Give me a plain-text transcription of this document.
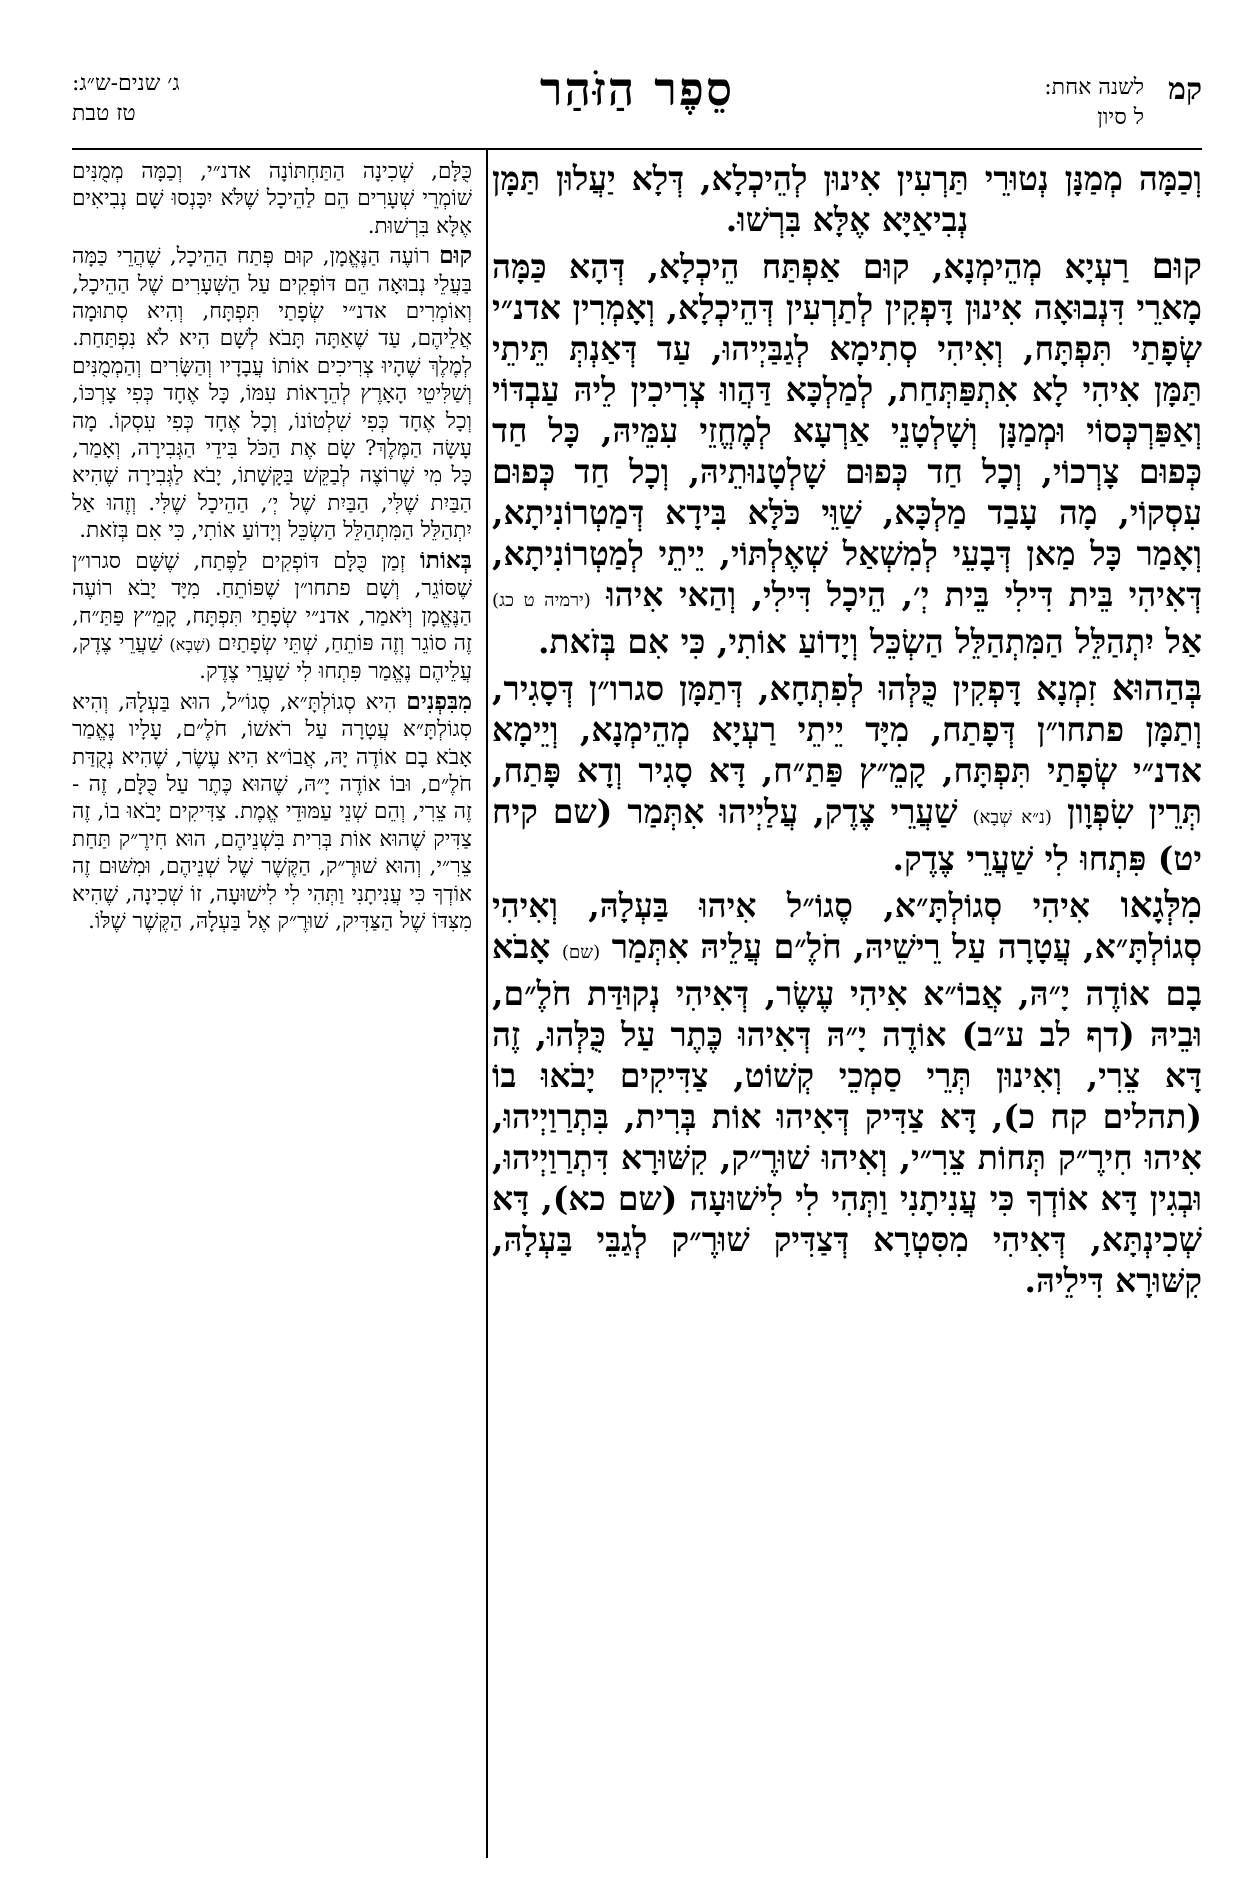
קמ
לשנה אחת:
ל סיון
סֵפֶר הַזֹּהַר
ג׳ שנים-ש״ג:
טז טבת

וְכַמָּה מְמַנָּן נְטוּרֵי תַּרְעִין אִינוּן לְהֵיכְלָא, דְּלָא יַעֲלוּן תַּמָּן נְבִיאַיָּא אֶלָּא בִּרְשׁוּ.

קוּם רַעְיָא מְהֵימְנָא, קוּם אַפְתַּח הֵיכְלָא, דְּהָא כַּמָּה מָארֵי דִּנְבוּאָה אִינוּן דָּפְקִין לְתַרְעִין דְּהֵיכְלָא, וְאָמְרִין אדנ״י שְׂפָתַי תִּפְתָּח, וְאִיהִי סְתִימָא לְגַבַּיְיהוּ, עַד דְּאַנְתְּ תֵּיתֵי תַּמָּן אִיהִי לָא אִתְפַּתְּחַת, לְמַלְכָּא דַּהֲווּ צְרִיכִין לֵיהּ עַבְדּוֹי וְאַפַּרְכְּסוֹי וּמְמַנָּן וְשָׁלְטָנֵי אַרְעָא לְמֶחֱזֵי עִמֵּיהּ, כָּל חַד כְּפוּם צָרְכוֹי, וְכָל חַד כְּפוּם שָׁלְטָנוּתֵיהּ, וְכָל חַד כְּפוּם עִסְקוֹי, מָה עָבַד מַלְכָּא, שַׁוֵּי כֹּלָּא בִּידָא דְּמַטְרוֹנִיתָא, וְאָמַר כָּל מַאן דְּבָעֵי לְמִשְׁאַל שְׁאֶלְתּוֹי, יֵיתֵי לְמַטְרוֹנִיתָא, דְּאִיהִי בֵּית דִּילִי בֵּית יְ׳, הֵיכָל דִּילִי, וְהַאי אִיהוּ (ירמיה ט כג) אַל יִתְהַלֵּל הַמִּתְהַלֵּל הַשְׂכֵּל וְיָדוֹעַ אוֹתִי, כִּי אִם בְּזֹאת.

בְּהַהוּא זִמְנָא דָּפְקִין כֻּלְּהוּ לְפִתְחָא, דְּתַמָּן סגרו״ן דְּסָגִיר, וְתַמָּן פתחו״ן דְּפָתַח, מִיָּד יֵיתֵי רַעְיָא מְהֵימְנָא, וְיֵימָא אדנ״י שְׂפָתַי תִּפְתָּח, קָמֵ״ץ פַּתַ״ח, דָּא סָגִיר וְדָא פָּתַח, תְּרֵין שִׂפְוָון (נ״א שְׁבָא) שַׁעֲרֵי צֶדֶק, עֲלַיְיהוּ אִתְּמַר (שם קיח יט) פִּתְחוּ לִי שַׁעֲרֵי צֶדֶק.

מִלְּגָאו אִיהִי סְגוֹלְתָּ״א, סֶגוֹ״ל אִיהוּ בַּעְלָהּ, וְאִיהִי סְגוֹלְתָּ״א, עֲטָרָה עַל רֵישֵׁיהּ, חֹלֶ״ם עֲלֵיהּ אִתְּמַר (שם) אָבֹא בָם אוֹדֶה יָ״הּ, אֲבוֹ״א אִיהִי עֶשֶׂר, דְּאִיהִי נְקוּדַּת חֹלֶ״ם, וּבֵיהּ (דף לב ע״ב) אוֹדֶה יָ״הּ דְּאִיהוּ כֶּתֶר עַל כֻּלְּהוּ, זֶה דָּא צֵרִי, וְאִינוּן תְּרֵי סַמְכֵי קְשׁוֹט, צַדִּיקִים יָבֹאוּ בוֹ (תהלים קח כ), דָּא צַדִּיק דְּאִיהוּ אוֹת בְּרִית, בִּתְרַוַיְיהוּ, אִיהוּ חִירֶ״ק תְּחוֹת צֵרִ״י, וְאִיהוּ שׁוּרֶ״ק, קִשּׁוּרָא דִּתְרַוַיְיהוּ, וּבְגִין דָּא אוֹדְךָ כִּי עֲנִיתָנִי וַתְּהִי לִי לִישׁוּעָה (שם כא), דָּא שְׁכִינְתָּא, דְּאִיהִי מִסִּטְרָא דְּצַדִּיק שׁוּרֶ״ק לְגַבֵּי בַּעְלָהּ, קִשּׁוּרָא דִּילֵיהּ.

כֻּלָּם, שְׁכִינָה הַתַּחְתּוֹנָה אדנ״י, וְכַמָּה מְמֻנִּים שׁוֹמְרֵי שְׁעָרִים הֵם לַהֵיכָל שֶׁלֹּא יִכָּנְסוּ שָׁם נְבִיאִים אֶלָּא בִּרְשׁוּת.

קוּם רוֹעֶה הַנֶּאֱמָן, קוּם פְּתַח הַהֵיכָל, שֶׁהֲרֵי כַּמָּה בַּעֲלֵי נְבוּאָה הֵם דּוֹפְקִים עַל הַשְּׁעָרִים שֶׁל הַהֵיכָל, וְאוֹמְרִים אדנ״י שְׂפָתַי תִּפְתָּח, וְהִיא סְתוּמָה אֲלֵיהֶם, עַד שֶׁאַתָּה תָּבֹא לְשָׁם הִיא לֹא נִפְתַּחַת. לְמֶלֶךְ שֶׁהָיוּ צְרִיכִים אוֹתוֹ עֲבָדָיו וְהַשָּׂרִים וְהַמְמֻנִּים וְשַׁלִּיטֵי הָאָרֶץ לְהֵרָאוֹת עִמּוֹ, כָּל אֶחָד כְּפִי צָרְכּוֹ, וְכָל אֶחָד כְּפִי שִׁלְטוֹנוֹ, וְכָל אֶחָד כְּפִי עִסְקוֹ. מָה עָשָׂה הַמֶּלֶךְ? שָׂם אֶת הַכֹּל בִּידֵי הַגְּבִירָה, וְאָמַר, כָּל מִי שֶׁרוֹצֶה לְבַקֵּשׁ בַּקָּשָׁתוֹ, יָבֹא לַגְּבִירָה שֶׁהִיא הַבַּיִת שֶׁלִּי, הַבַּיִת שֶׁל יְ׳, הַהֵיכָל שֶׁלִּי. וְזֶהוּ אַל יִתְהַלֵּל הַמִּתְהַלֵּל הַשְׂכֵּל וְיָדוֹעַ אוֹתִי, כִּי אִם בְּזֹאת.

בְּאוֹתוֹ זְמַן כֻּלָּם דּוֹפְקִים לַפֶּתַח, שֶׁשָּׁם סגרו״ן שֶׁסּוֹגֵר, וְשָׁם פתחו״ן שֶׁפּוֹתֵחַ. מִיָּד יָבֹא רוֹעֶה הַנֶּאֱמָן וְיֹאמַר, אדנ״י שְׂפָתַי תִּפְתָּח, קָמֵ״ץ פַּתַּ״ח, זֶה סוֹגֵר וְזֶה פּוֹתֵחַ, שְׁתֵּי שְׂפָתַיִם (שְׁבָא) שַׁעֲרֵי צֶדֶק, עֲלֵיהֶם נֶאֱמַר פִּתְחוּ לִי שַׁעֲרֵי צֶדֶק.

מִבִּפְנִים הִיא סְגוֹלְתָּ״א, סֶגוֹ״ל, הוּא בַּעְלָהּ, וְהִיא סְגוֹלְתָּ״א עֲטָרָה עַל רֹאשׁוֹ, חֹלֶ״ם, עָלָיו נֶאֱמַר אָבֹא בָם אוֹדֶה יָהּ, אֲבוֹ״א הִיא עֶשֶׂר, שֶׁהִיא נְקֻדַּת חֹלֶ״ם, וּבוֹ אוֹדֶה יָ״הּ, שֶׁהוּא כֶּתֶר עַל כֻּלָּם, זֶה - זֶה צֵרִי, וְהֵם שְׁנֵי עַמּוּדֵי אֱמֶת. צַדִּיקִים יָבֹאוּ בוֹ, זֶה צַדִּיק שֶׁהוּא אוֹת בְּרִית בִּשְׁנֵיהֶם, הוּא חִירֶ״ק תַּחַת צֵרִ״י, וְהוּא שׁוּרֶ״ק, הַקֶּשֶׁר שֶׁל שְׁנֵיהֶם, וּמִשּׁוּם זֶה אוֹדְךָ כִּי עֲנִיתָנִי וַתְּהִי לִי לִישׁוּעָה, זוֹ שְׁכִינָה, שֶׁהִיא מִצִּדּוֹ שֶׁל הַצַּדִּיק, שׁוּרֶ״ק אֶל בַּעְלָהּ, הַקֶּשֶׁר שֶׁלּוֹ.
